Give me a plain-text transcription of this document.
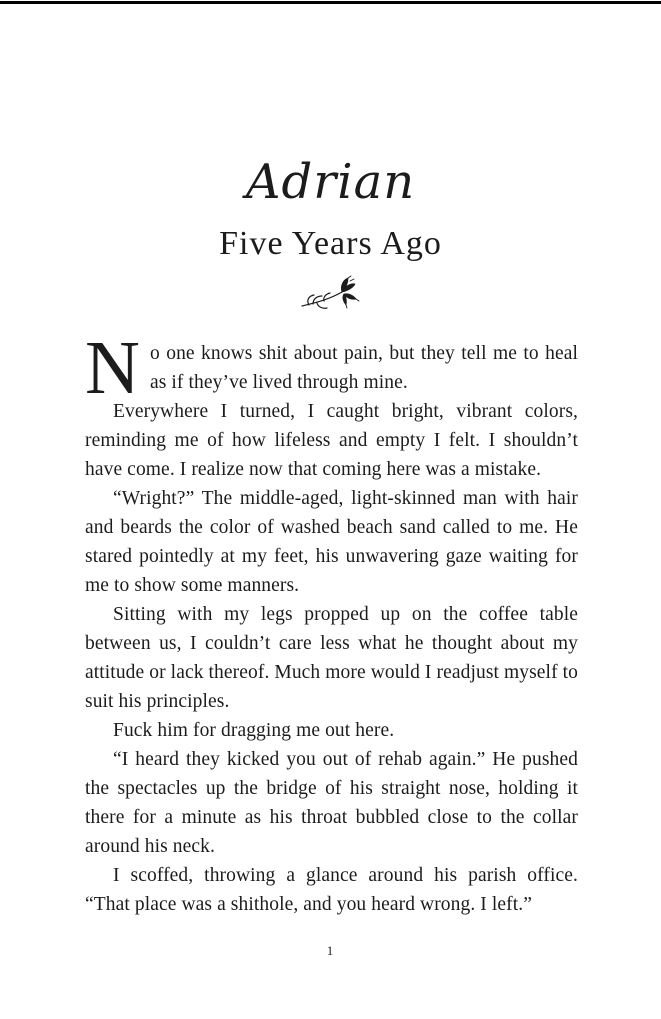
Adrian
Five Years Ago

No one knows shit about pain, but they tell me to heal as if they’ve lived through mine.

Everywhere I turned, I caught bright, vibrant colors, reminding me of how lifeless and empty I felt. I shouldn’t have come. I realize now that coming here was a mistake.

“Wright?” The middle-aged, light-skinned man with hair and beards the color of washed beach sand called to me. He stared pointedly at my feet, his unwavering gaze waiting for me to show some manners.

Sitting with my legs propped up on the coffee table between us, I couldn’t care less what he thought about my attitude or lack thereof. Much more would I readjust myself to suit his principles.

Fuck him for dragging me out here.

“I heard they kicked you out of rehab again.” He pushed the spectacles up the bridge of his straight nose, holding it there for a minute as his throat bubbled close to the collar around his neck.

I scoffed, throwing a glance around his parish office. “That place was a shithole, and you heard wrong. I left.”

1
